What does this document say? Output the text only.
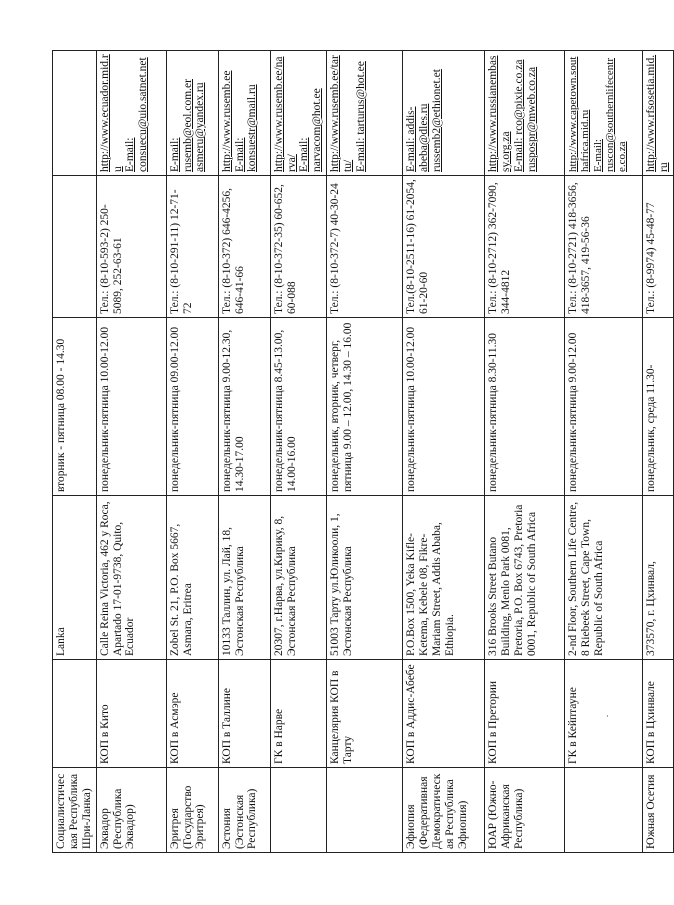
Социалистическая Республика Шри-Ланка)		Lanka	вторник - пятница 08.00 - 14.30		
Эквадор (Республика Эквадор)	КОП в Кито	Calle Reina Victoria, 462 y Roca, Apartado 17-01-9738, Quito, Ecuador	понедельник-пятница 10.00-12.00	Тел.: (8-10-593-2) 250-5089, 252-63-61	http://www.ecuador.mid.ru E-mail: consuecu@uio.satnet.net

Эритрея (Государство Эритрея)	КОП в Асмэре	Zobel St. 21, P.O. Box 5667, Asmara, Eritrea	понедельник-пятница 09.00-12.00	Тел.: (8-10-291-11) 12-71-72	E-mail: rusemb@eol.com.er asmeru@yandex.ru

Эстония (Эстонская Республика)	КОП в Таллине	10133 Таллин, ул. Лай, 18, Эстонская Республика	понедельник-пятница 9.00-12.30, 14.30-17.00	Тел.: (8-10-372) 646-4256, 646-41-66	http://www.rusemb.ee E-mail: konsuestr@mail.ru

	ГК в Нарве	20307, г.Нарва, ул.Кирику, 8, Эстонская Республика	понедельник-пятница 8.45-13.00, 14.00-16.00	Тел.: (8-10-372-35) 60-652, 60-088	http://www.rusemb.ee/narva/ E-mail: narvacom@hot.ee

	Канцелярия КОП в Тарту	51003 Тарту ул.Юликооли, 1, Эстонская Республика	понедельник, вторник, четверг, пятница 9.00 – 12.00, 14.30 – 16.00	Тел.: (8-10-372-7) 40-30-24	http://www.rusemb.ee/tartu/ E-mail: tarturus@hot.ee

Эфиопия (Федеративная Демократическая Республика Эфиопия)	КОП в Аддис-Абебе	P.O.Box 1500, Yeka Kifle-Ketema, Kebele 08, Fikre-Mariam Street, Addis Ababa, Ethiopia.	понедельник-пятница 10.00-12.00	Тел.(8-10-2511-16) 61-2054, 61-20-60	E-mail: addis-abeba@dles.ru russemb2@ethionet.et

ЮАР (Южно-Африканская Республика)	КОП в Претории	316 Brooks Street Butano Building, Menlo Park 0081, Pretoria, P.O. Box 6743, Pretoria 0001, Republic of South Africa	понедельник-пятница 8.30-11.30	Тел.: (8-10-2712) 362-7090, 344-4812	http://www.russianembassy.org.za E-mail: rco@pixie.co.za ruspospr@mweb.co.za

	ГК в Кейптауне	2-nd Floor, Southern Life Centre, 8 Riebeek Street, Cape Town, Republic of South Africa	понедельник-пятница 9.00-12.00	Тел.: (8-10-2721) 418-3656, 418-3657, 419-56-36	http://www.capetown.southafrica.mid.ru E-mail: ruscon@southernlifecentre.co.za

Южная Осетия	КОП в Цхинвале	373570, г. Цхинвал,	понедельник, среда 11.30-	Тел.: (8-9974) 45-48-77	http://www.rfsosetia.mid.ru
·
